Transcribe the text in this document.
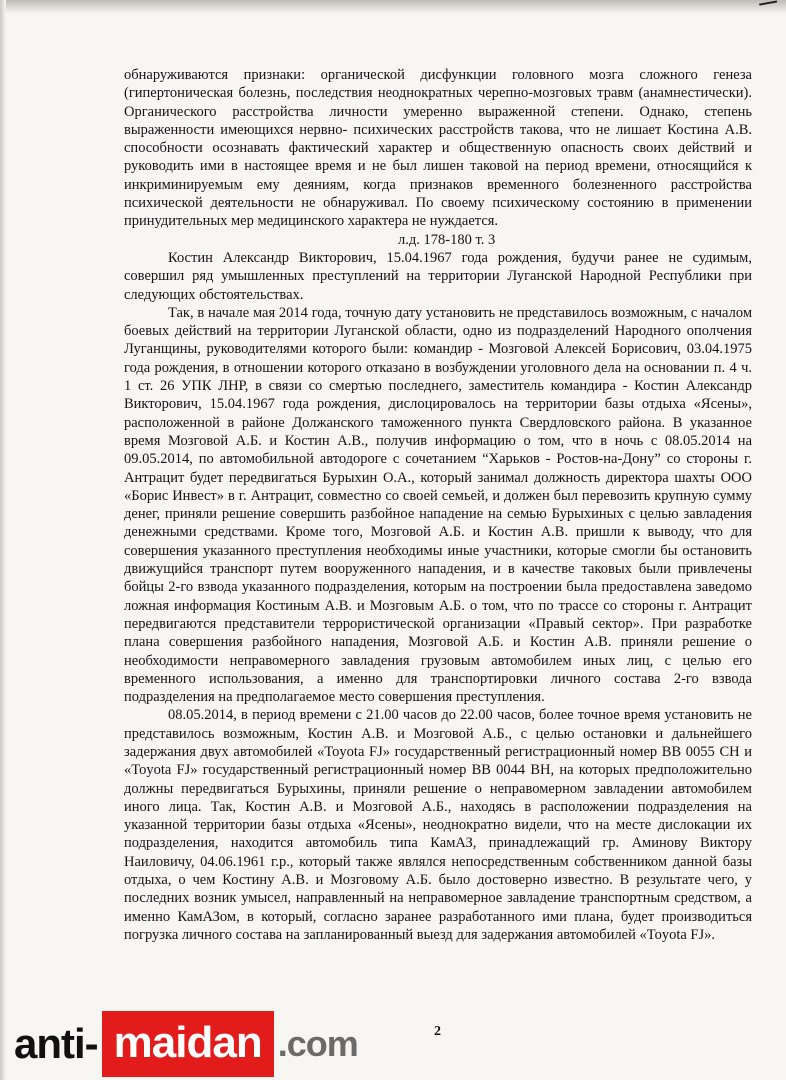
обнаруживаются признаки: органической дисфункции головного мозга сложного генеза (гипертоническая болезнь, последствия неоднократных черепно-мозговых травм (анамнестически). Органического расстройства личности умеренно выраженной степени. Однако, степень выраженности имеющихся нервно- психических расстройств такова, что не лишает Костина А.В. способности осознавать фактический характер и общественную опасность своих действий и руководить ими в настоящее время и не был лишен таковой на период времени, относящийся к инкриминируемым ему деяниям, когда признаков временного болезненного расстройства психической деятельности не обнаруживал. По своему психическому состоянию в применении принудительных мер медицинского характера не нуждается.

л.д. 178-180 т. 3

Костин Александр Викторович, 15.04.1967 года рождения, будучи ранее не судимым, совершил ряд умышленных преступлений на территории Луганской Народной Республики при следующих обстоятельствах.

Так, в начале мая 2014 года, точную дату установить не представилось возможным, с началом боевых действий на территории Луганской области, одно из подразделений Народного ополчения Луганщины, руководителями которого были: командир - Мозговой Алексей Борисович, 03.04.1975 года рождения, в отношении которого отказано в возбуждении уголовного дела на основании п. 4 ч. 1 ст. 26 УПК ЛНР, в связи со смертью последнего, заместитель командира - Костин Александр Викторович, 15.04.1967 года рождения, дислоцировалось на территории базы отдыха «Ясены», расположенной в районе Должанского таможенного пункта Свердловского района. В указанное время Мозговой А.Б. и Костин А.В., получив информацию о том, что в ночь с 08.05.2014 на 09.05.2014, по автомобильной автодороге с сочетанием “Харьков - Ростов-на-Дону” со стороны г. Антрацит будет передвигаться Бурыхин О.А., который занимал должность директора шахты ООО «Борис Инвест» в г. Антрацит, совместно со своей семьей, и должен был перевозить крупную сумму денег, приняли решение совершить разбойное нападение на семью Бурыхиных с целью завладения денежными средствами. Кроме того, Мозговой А.Б. и Костин А.В. пришли к выводу, что для совершения указанного преступления необходимы иные участники, которые смогли бы остановить движущийся транспорт путем вооруженного нападения, и в качестве таковых были привлечены бойцы 2-го взвода указанного подразделения, которым на построении была предоставлена заведомо ложная информация Костиным А.В. и Мозговым А.Б. о том, что по трассе со стороны г. Антрацит передвигаются представители террористической организации «Правый сектор». При разработке плана совершения разбойного нападения, Мозговой А.Б. и Костин А.В. приняли решение о необходимости неправомерного завладения грузовым автомобилем иных лиц, с целью его временного использования, а именно для транспортировки личного состава 2-го взвода подразделения на предполагаемое место совершения преступления.

08.05.2014, в период времени с 21.00 часов до 22.00 часов, более точное время установить не представилось возможным, Костин А.В. и Мозговой А.Б., с целью остановки и дальнейшего задержания двух автомобилей «Toyota FJ» государственный регистрационный номер ВВ 0055 СН и «Toyota FJ» государственный регистрационный номер ВВ 0044 ВН, на которых предположительно должны передвигаться Бурыхины, приняли решение о неправомерном завладении автомобилем иного лица. Так, Костин А.В. и Мозговой А.Б., находясь в расположении подразделения на указанной территории базы отдыха «Ясены», неоднократно видели, что на месте дислокации их подразделения, находится автомобиль типа КамАЗ, принадлежащий гр. Аминову Виктору Наиловичу, 04.06.1961 г.р., который также являлся непосредственным собственником данной базы отдыха, о чем Костину А.В. и Мозговому А.Б. было достоверно известно. В результате чего, у последних возник умысел, направленный на неправомерное завладение транспортным средством, а именно КамАЗом, в который, согласно заранее разработанного ими плана, будет производиться погрузка личного состава на запланированный выезд для задержания автомобилей «Toyota FJ».

2
anti- maidan .com
